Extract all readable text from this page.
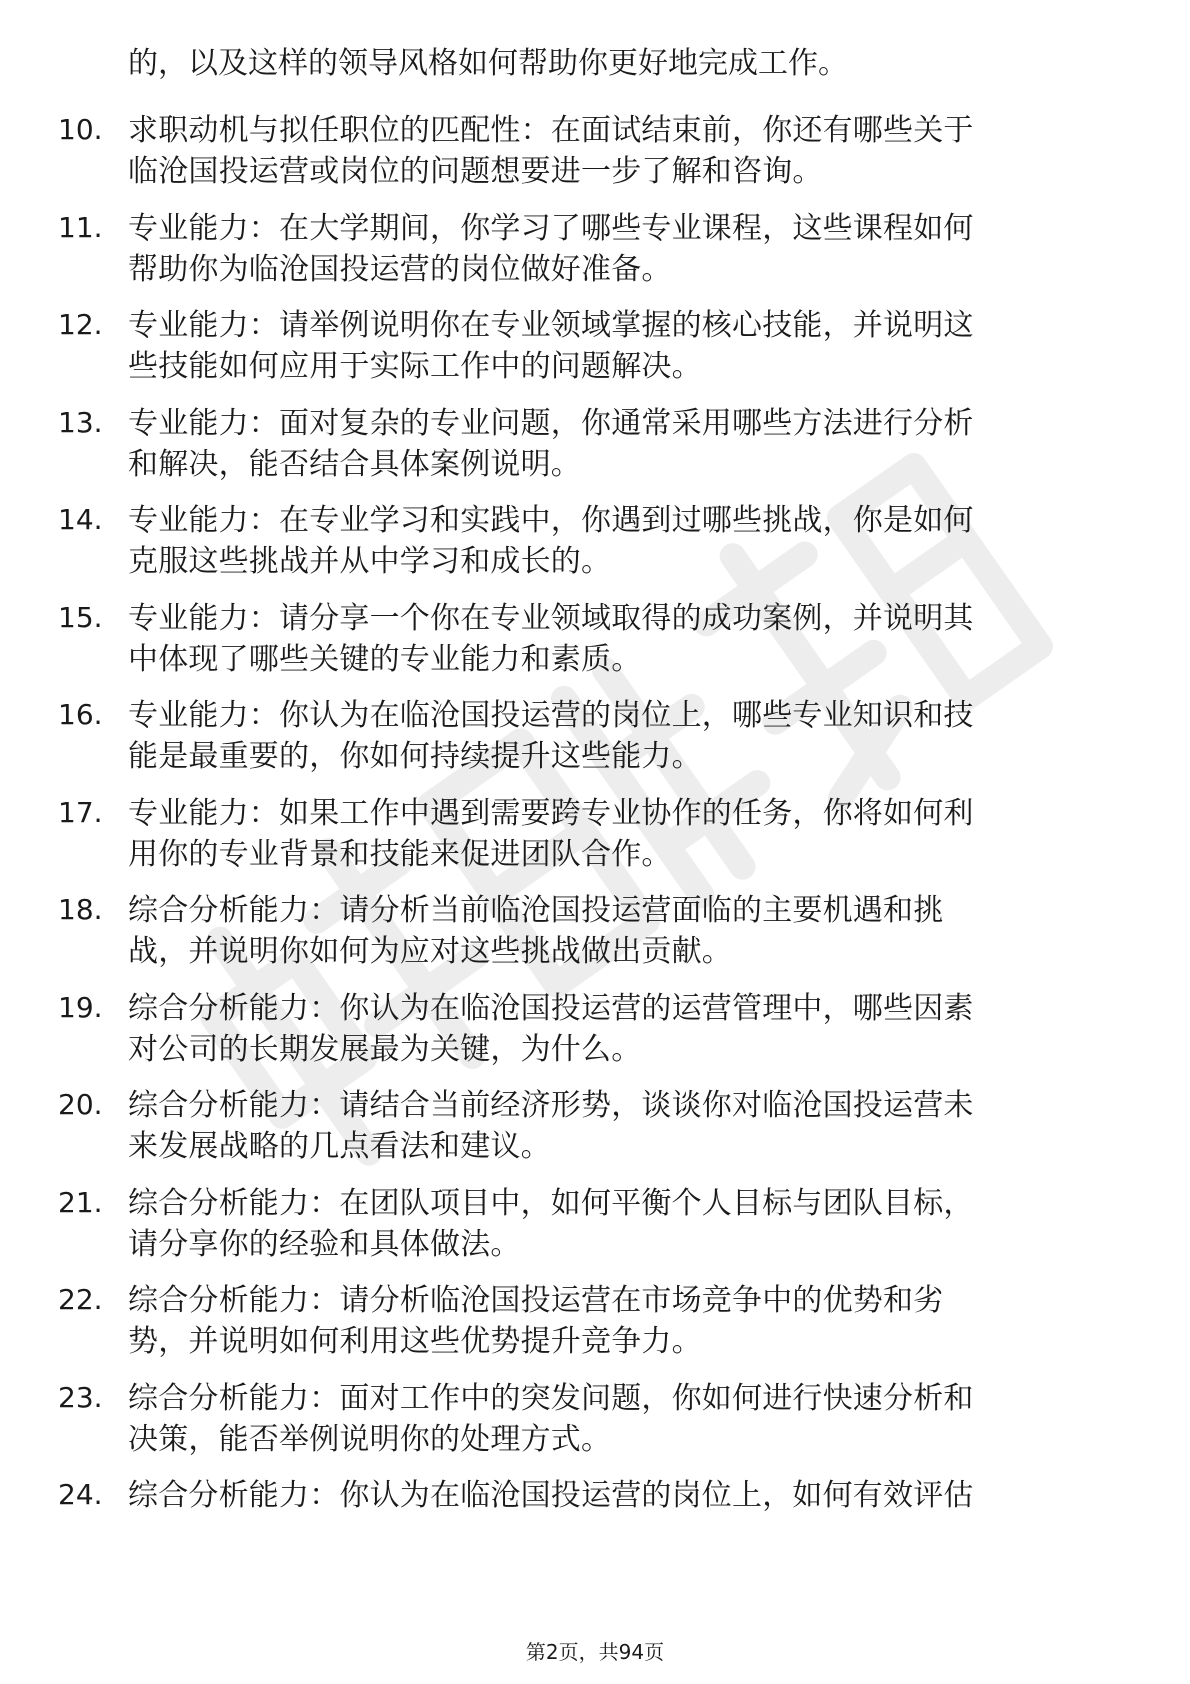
的，以及这样的领导风格如何帮助你更好地完成工作。
10. 求职动机与拟任职位的匹配性：在面试结束前，你还有哪些关于
临沧国投运营或岗位的问题想要进一步了解和咨询。
11. 专业能力：在大学期间，你学习了哪些专业课程，这些课程如何
帮助你为临沧国投运营的岗位做好准备。
12. 专业能力：请举例说明你在专业领域掌握的核心技能，并说明这
些技能如何应用于实际工作中的问题解决。
13. 专业能力：面对复杂的专业问题，你通常采用哪些方法进行分析
和解决，能否结合具体案例说明。
14. 专业能力：在专业学习和实践中，你遇到过哪些挑战，你是如何
克服这些挑战并从中学习和成长的。
15. 专业能力：请分享一个你在专业领域取得的成功案例，并说明其
中体现了哪些关键的专业能力和素质。
16. 专业能力：你认为在临沧国投运营的岗位上，哪些专业知识和技
能是最重要的，你如何持续提升这些能力。
17. 专业能力：如果工作中遇到需要跨专业协作的任务，你将如何利
用你的专业背景和技能来促进团队合作。
18. 综合分析能力：请分析当前临沧国投运营面临的主要机遇和挑
战，并说明你如何为应对这些挑战做出贡献。
19. 综合分析能力：你认为在临沧国投运营的运营管理中，哪些因素
对公司的长期发展最为关键，为什么。
20. 综合分析能力：请结合当前经济形势，谈谈你对临沧国投运营未
来发展战略的几点看法和建议。
21. 综合分析能力：在团队项目中，如何平衡个人目标与团队目标，
请分享你的经验和具体做法。
22. 综合分析能力：请分析临沧国投运营在市场竞争中的优势和劣
势，并说明如何利用这些优势提升竞争力。
23. 综合分析能力：面对工作中的突发问题，你如何进行快速分析和
决策，能否举例说明你的处理方式。
24. 综合分析能力：你认为在临沧国投运营的岗位上，如何有效评估
第2页，共94页
